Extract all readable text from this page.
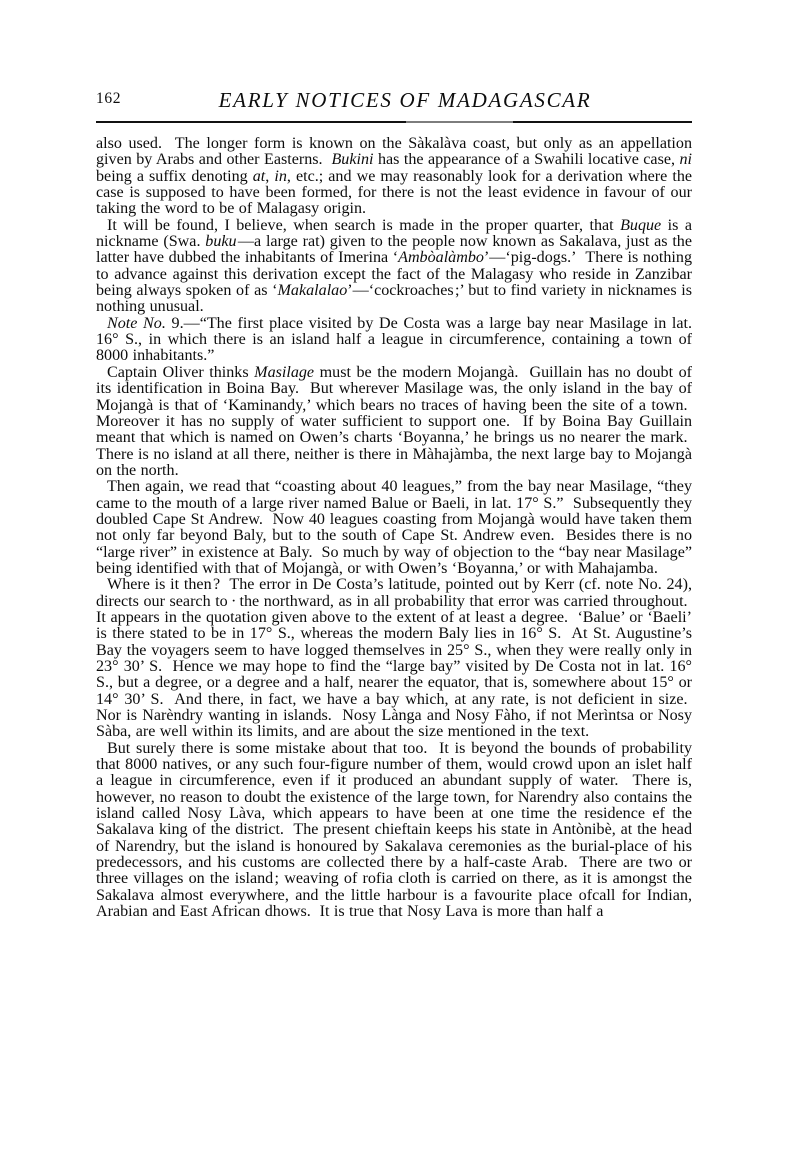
162	EARLY NOTICES OF MADAGASCAR

also used.  The longer form is known on the Sàkalàva coast, but only as an appellation given by Arabs and other Easterns.  Bukini has the appearance of a Swahili locative case, ni being a suffix denoting at, in, etc.; and we may reasonably look for a derivation where the case is supposed to have been formed, for there is not the least evidence in favour of our taking the word to be of Malagasy origin.

It will be found, I believe, when search is made in the proper quarter, that Buque is a nickname (Swa. buku —a large rat) given to the people now known as Sakalava, just as the latter have dubbed the inhabitants of Imerina ‘Ambòalàmbo’—‘pig-dogs.’  There is nothing to advance against this derivation except the fact of the Malagasy who reside in Zanzibar being always spoken of as ‘Makalalao’—‘cockroaches ;’ but to find variety in nicknames is nothing unusual.

Note No. 9.—“The first place visited by De Costa was a large bay near Masilage in lat. 16° S., in which there is an island half a league in circumference, containing a town of 8000 inhabitants.”

Captain Oliver thinks Masilage must be the modern Mojangà.  Guillain has no doubt of its identification in Boina Bay.  But wherever Masilage was, the only island in the bay of Mojangà is that of ‘Kaminandy,’ which bears no traces of having been the site of a town.  Moreover it has no supply of water sufficient to support one.  If by Boina Bay Guillain meant that which is named on Owen’s charts ‘Boyanna,’ he brings us no nearer the mark.  There is no island at all there, neither is there in Màhajàmba, the next large bay to Mojangà on the north.

Then again, we read that “coasting about 40 leagues,” from the bay near Masilage, “they came to the mouth of a large river named Balue or Baeli, in lat. 17° S.”  Subsequently they doubled Cape St Andrew.  Now 40 leagues coasting from Mojangà would have taken them not only far beyond Baly, but to the south of Cape St. Andrew even.  Besides there is no “large river” in existence at Baly.  So much by way of objection to the “bay near Masilage” being identified with that of Mojangà, or with Owen’s ‘Boyanna,’ or with Mahajamba.

Where is it then ?  The error in De Costa’s latitude, pointed out by Kerr (cf. note No. 24), directs our search to · the northward, as in all probability that error was carried throughout.  It appears in the quotation given above to the extent of at least a degree.  ‘Balue’ or ‘Baeli’ is there stated to be in 17° S., whereas the modern Baly lies in 16° S.  At St. Augustine’s Bay the voyagers seem to have logged themselves in 25° S., when they were really only in 23° 30’ S.  Hence we may hope to find the “large bay” visited by De Costa not in lat. 16° S., but a degree, or a degree and a half, nearer the equator, that is, somewhere about 15° or 14° 30’ S.  And there, in fact, we have a bay which, at any rate, is not deficient in size.  Nor is Narèndry wanting in islands.  Nosy Lànga and Nosy Fàho, if not Merìntsa or Nosy Sàba, are well within its limits, and are about the size mentioned in the text.

But surely there is some mistake about that too.  It is beyond the bounds of probability that 8000 natives, or any such four-figure number of them, would crowd upon an islet half a league in circumference, even if it produced an abundant supply of water.  There is, however, no reason to doubt the existence of the large town, for Narendry also contains the island called Nosy Làva, which appears to have been at one time the residence ef the Sakalava king of the district.  The present chieftain keeps his state in Antònibè, at the head of Narendry, but the island is honoured by Sakalava ceremonies as the burial-place of his predecessors, and his customs are collected there by a half-caste Arab.  There are two or three villages on the island ; weaving of rofia cloth is carried on there, as it is amongst the Sakalava almost everywhere, and the little harbour is a favourite place ofcall for Indian, Arabian and East African dhows.  It is true that Nosy Lava is more than half a
